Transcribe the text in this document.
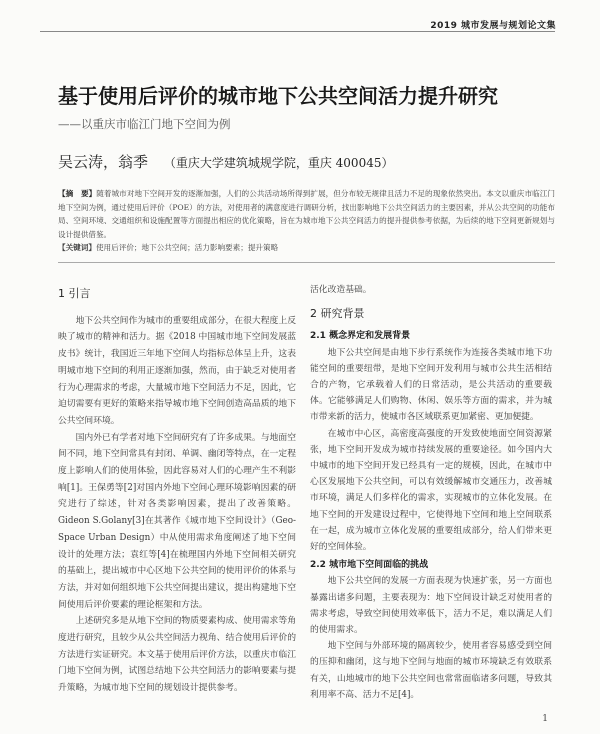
2019 城市发展与规划论文集
基于使用后评价的城市地下公共空间活力提升研究
——以重庆市临江门地下空间为例
吴云涛，翁季 （重庆大学建筑城规学院，重庆 400045）
【摘　要】随着城市对地下空间开发的逐渐加强，人们的公共活动场所得到扩展，但分布较无规律且活力不足的现象依然突出。本文以重庆市临江门地下空间为例，通过使用后评价（POE）的方法，对使用者的满意度进行调研分析，找出影响地下公共空间活力的主要因素，并从公共空间的功能布局、空间环境、交通组织和设施配置等方面提出相应的优化策略，旨在为城市地下公共空间活力的提升提供参考依据，为后续的地下空间更新规划与设计提供借鉴。
【关键词】使用后评价；地下公共空间；活力影响要素；提升策略
1 引言

地下公共空间作为城市的重要组成部分，在很大程度上反映了城市的精神和活力。据《2018 中国城市地下空间发展蓝皮书》统计，我国近三年地下空间人均指标总体呈上升，这表明城市地下空间的利用正逐渐加强，然而，由于缺乏对使用者行为心理需求的考虑，大量城市地下空间活力不足，因此，它迫切需要有更好的策略来指导城市地下空间创造高品质的地下公共空间环境。

国内外已有学者对地下空间研究有了许多成果。与地面空间不同，地下空间常具有封闭、单调、幽闭等特点，在一定程度上影响人们的使用体验，因此容易对人们的心理产生不利影响[1]。王保勇等[2]对国内外地下空间心理环境影响因素的研究进行了综述，针对各类影响因素，提出了改善策略。Gideon S.Golany[3]在其著作《城市地下空间设计》（Geo-Space Urban Design）中从使用需求角度阐述了地下空间设计的处理方法；袁红等[4]在梳理国内外地下空间相关研究的基础上，提出城市中心区地下公共空间的使用评价的体系与方法，并对如何组织地下公共空间提出建议，提出构建地下空间使用后评价要素的理论框架和方法。

上述研究多是从地下空间的物质要素构成、使用需求等角度进行研究，且较少从公共空间活力视角、结合使用后评价的方法进行实证研究。本文基于使用后评价方法，以重庆市临江门地下空间为例，试图总结地下公共空间活力的影响要素与提升策略，为城市地下空间的规划设计提供参考。

活化改造基础。

2 研究背景
2.1 概念界定和发展背景

地下公共空间是由地下步行系统作为连接各类城市地下功能空间的重要纽带，是地下空间开发利用与城市公共生活相结合的产物，它承载着人们的日常活动，是公共活动的重要载体。它能够满足人们购物、休闲、娱乐等方面的需求，并为城市带来新的活力，使城市各区域联系更加紧密、更加便捷。

在城市中心区，高密度高强度的开发致使地面空间资源紧张，地下空间开发成为城市持续发展的重要途径。如今国内大中城市的地下空间开发已经具有一定的规模，因此，在城市中心区发展地下公共空间，可以有效缓解城市交通压力，改善城市环境，满足人们多样化的需求，实现城市的立体化发展。在地下空间的开发建设过程中，它使得地下空间和地上空间联系在一起，成为城市立体化发展的重要组成部分，给人们带来更好的空间体验。

2.2 城市地下空间面临的挑战

地下公共空间的发展一方面表现为快速扩张，另一方面也暴露出诸多问题，主要表现为：地下空间设计缺乏对使用者的需求考虑，导致空间使用效率低下，活力不足，难以满足人们的使用需求。

地下空间与外部环境的隔离较少，使用者容易感受到空间的压抑和幽闭，这与地下空间与地面的城市环境缺乏有效联系有关，山地城市的地下公共空间也常常面临诸多问题，导致其利用率不高、活力不足[4]。

1
